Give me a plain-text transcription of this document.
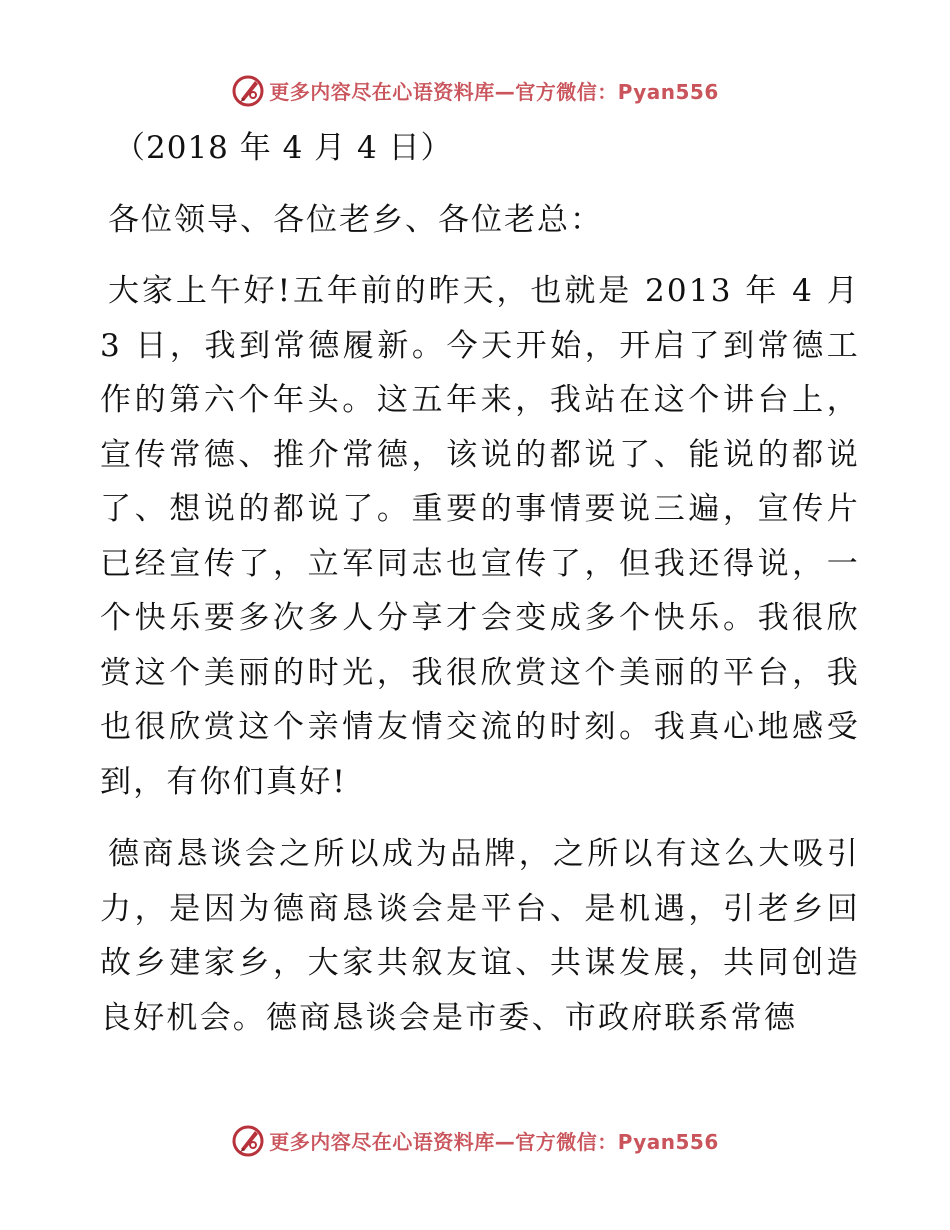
更多内容尽在心语资料库—官方微信：Pyan556
（2018 年 4 月 4 日）
各位领导、各位老乡、各位老总：

大家上午好!五年前的昨天，也就是 2013 年 4 月 3 日，我到常德履新。今天开始，开启了到常德工作的第六个年头。这五年来，我站在这个讲台上，宣传常德、推介常德，该说的都说了、能说的都说了、想说的都说了。重要的事情要说三遍，宣传片已经宣传了，立军同志也宣传了，但我还得说，一个快乐要多次多人分享才会变成多个快乐。我很欣赏这个美丽的时光，我很欣赏这个美丽的平台，我也很欣赏这个亲情友情交流的时刻。我真心地感受到，有你们真好!

德商恳谈会之所以成为品牌，之所以有这么大吸引力，是因为德商恳谈会是平台、是机遇，引老乡回故乡建家乡，大家共叙友谊、共谋发展，共同创造良好机会。德商恳谈会是市委、市政府联系常德

更多内容尽在心语资料库—官方微信：Pyan556
